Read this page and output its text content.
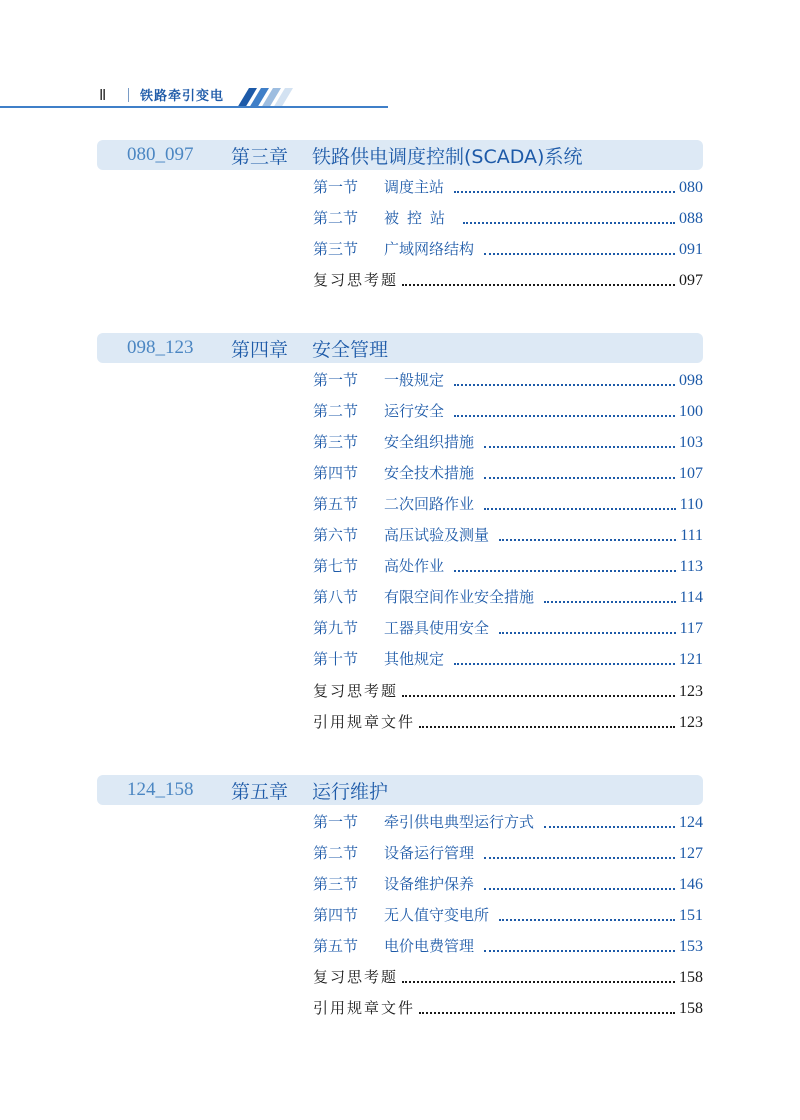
Ⅱ	铁路牵引变电
080_097 第三章 铁路供电调度控制(SCADA)系统
第一节	调度主站	080
第二节	被控站	088
第三节	广域网络结构	091
复习思考题	097
098_123 第四章 安全管理
第一节	一般规定	098
第二节	运行安全	100
第三节	安全组织措施	103
第四节	安全技术措施	107
第五节	二次回路作业	110
第六节	高压试验及测量	111
第七节	高处作业	113
第八节	有限空间作业安全措施	114
第九节	工器具使用安全	117
第十节	其他规定	121
复习思考题	123
引用规章文件	123
124_158 第五章 运行维护
第一节	牵引供电典型运行方式	124
第二节	设备运行管理	127
第三节	设备维护保养	146
第四节	无人值守变电所	151
第五节	电价电费管理	153
复习思考题	158
引用规章文件	158
